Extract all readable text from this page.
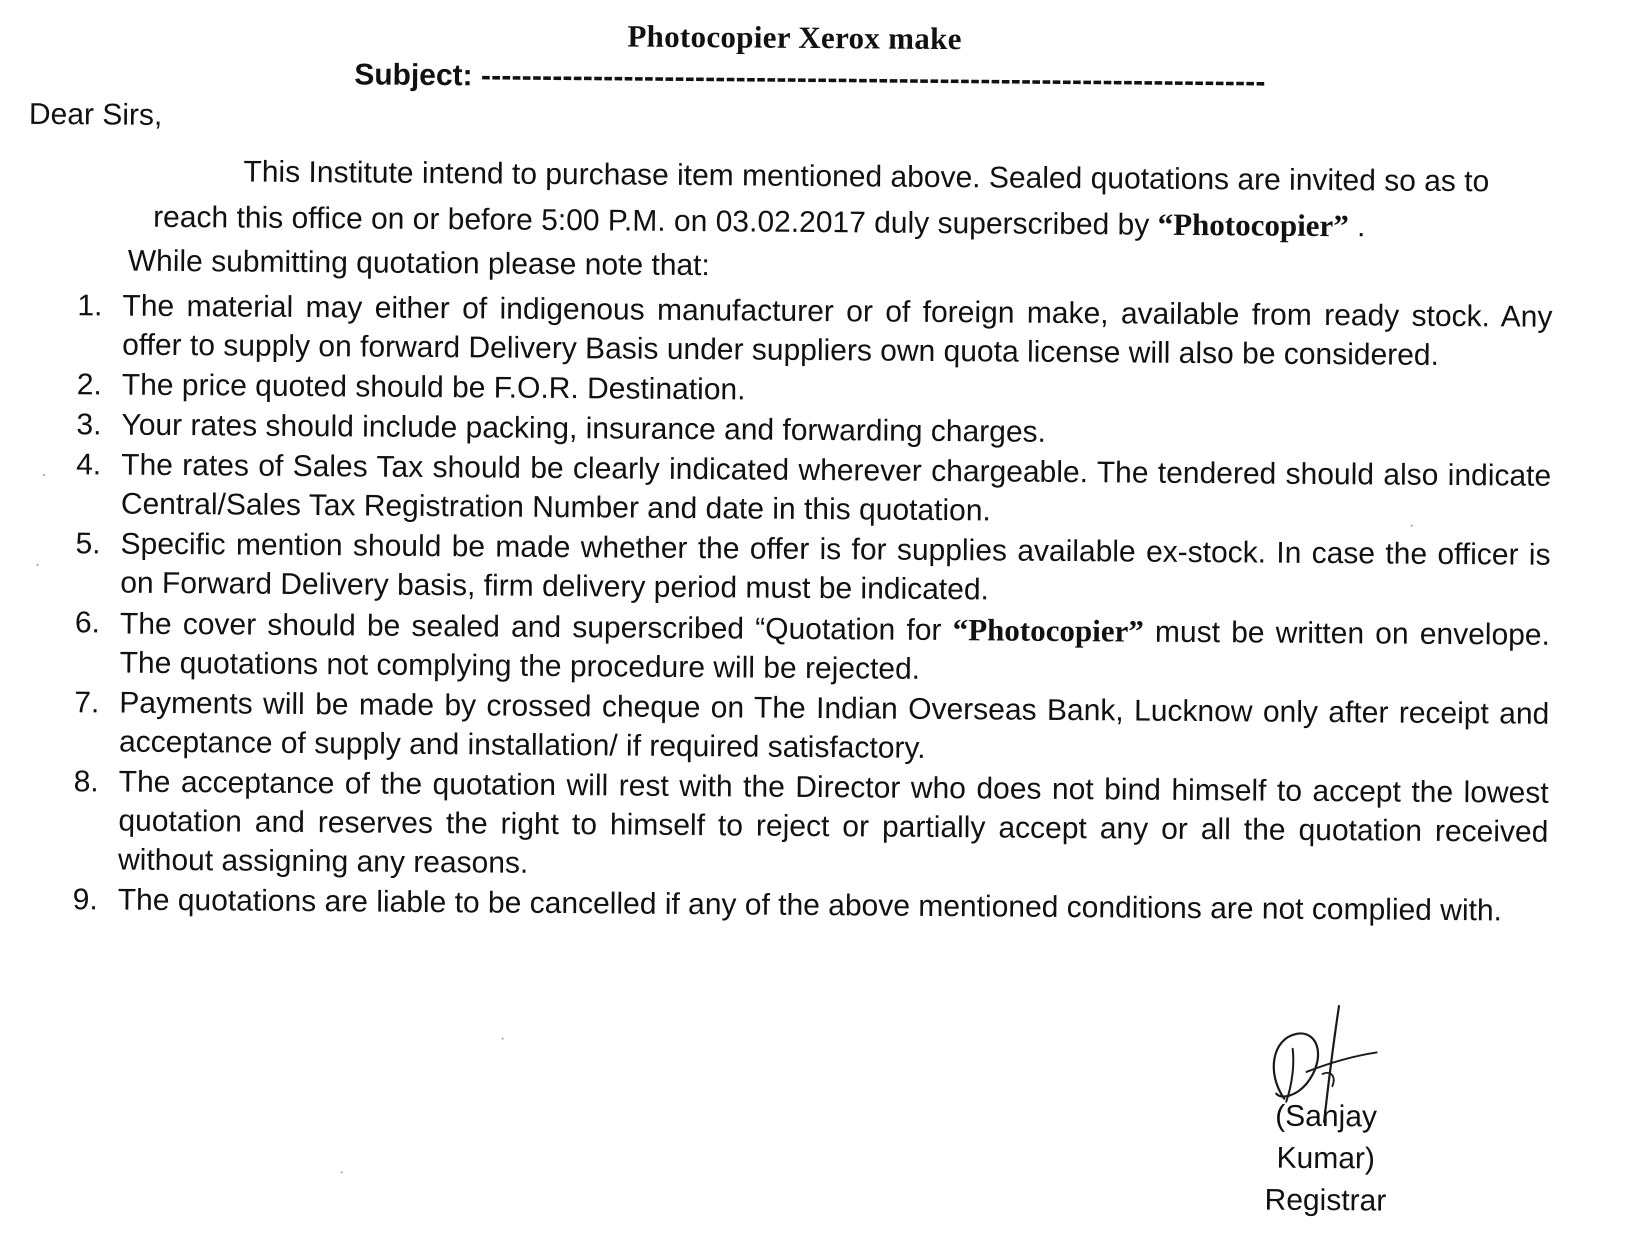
Photocopier Xerox make
Subject: -----------------------------------------------------------------------------
Dear Sirs,
This Institute intend to purchase item mentioned above. Sealed quotations are invited so as to
reach this office on or before 5:00 P.M. on 03.02.2017 duly superscribed by “Photocopier” .
While submitting quotation please note that:
1. The material may either of indigenous manufacturer or of foreign make, available from ready stock. Any offer to supply on forward Delivery Basis under suppliers own quota license will also be considered.
2. The price quoted should be F.O.R. Destination.
3. Your rates should include packing, insurance and forwarding charges.
4. The rates of Sales Tax should be clearly indicated wherever chargeable. The tendered should also indicate Central/Sales Tax Registration Number and date in this quotation.
5. Specific mention should be made whether the offer is for supplies available ex-stock. In case the officer is on Forward Delivery basis, firm delivery period must be indicated.
6. The cover should be sealed and superscribed “Quotation for “Photocopier” must be written on envelope. The quotations not complying the procedure will be rejected.
7. Payments will be made by crossed cheque on The Indian Overseas Bank, Lucknow only after receipt and acceptance of supply and installation/ if required satisfactory.
8. The acceptance of the quotation will rest with the Director who does not bind himself to accept the lowest quotation and reserves the right to himself to reject or partially accept any or all the quotation received without assigning any reasons.
9. The quotations are liable to be cancelled if any of the above mentioned conditions are not complied with.
(Sanjay Kumar)
Registrar
